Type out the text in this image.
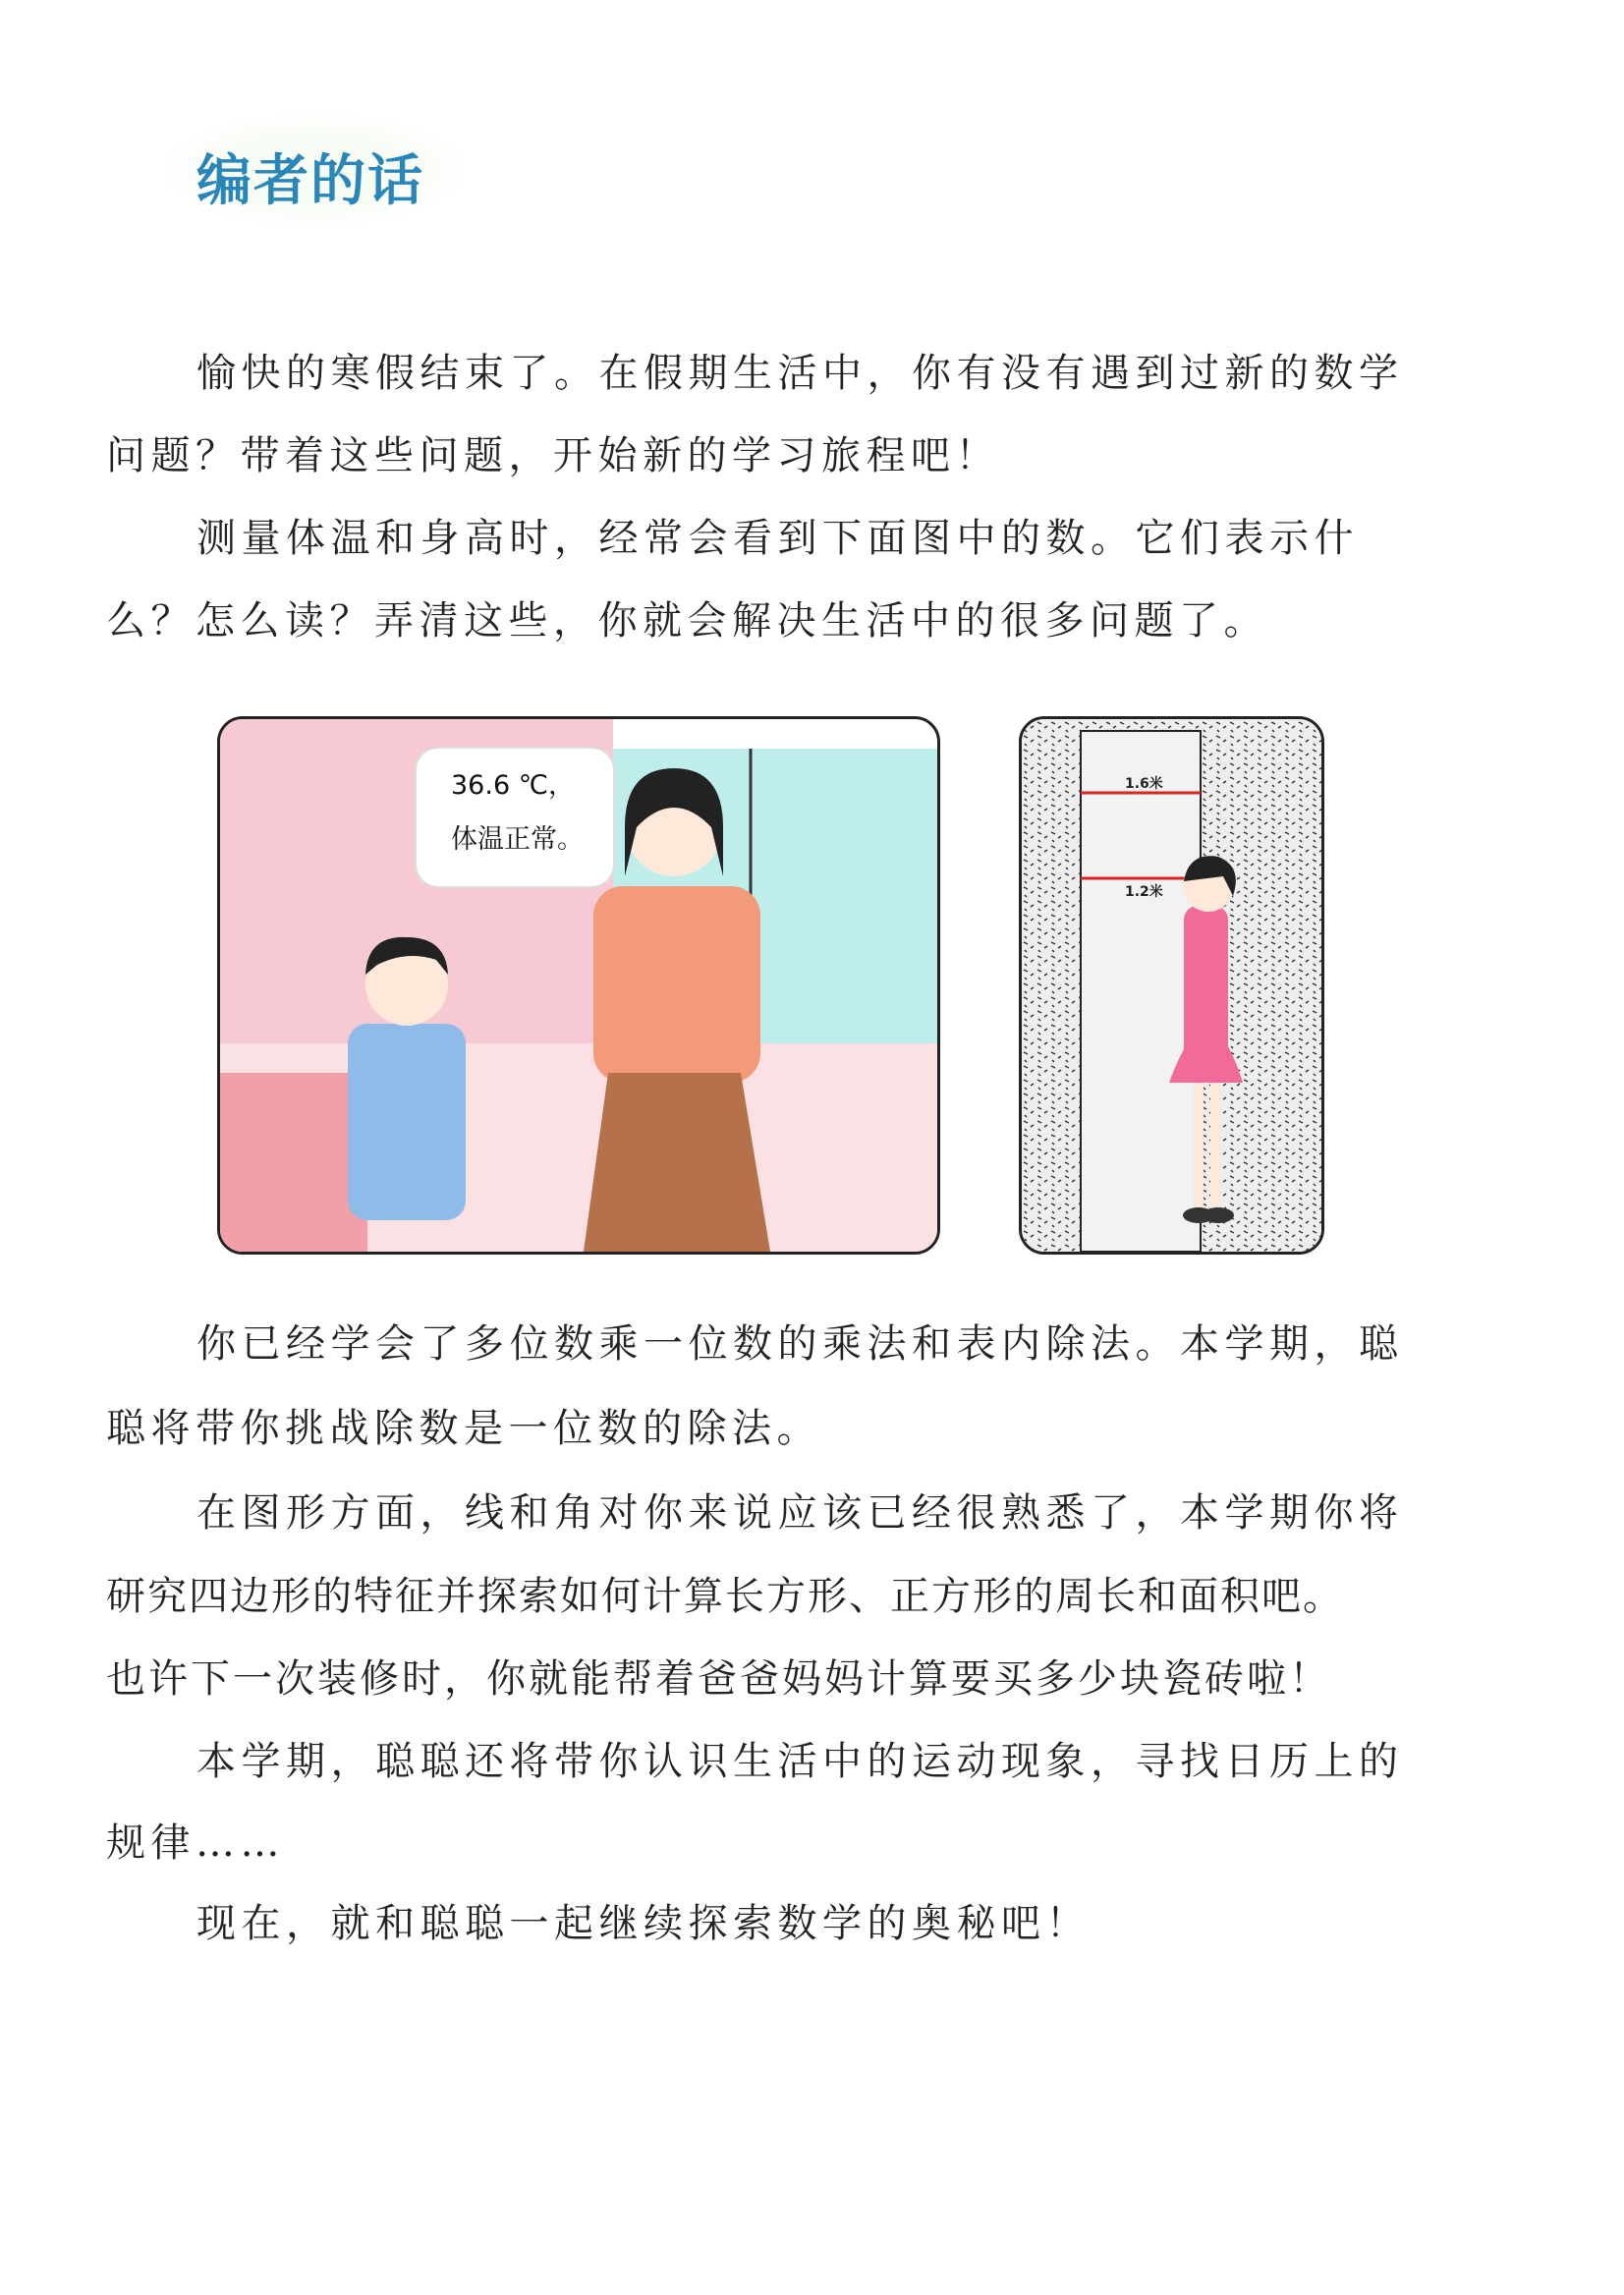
编者的话
愉快的寒假结束了。在假期生活中，你有没有遇到过新的数学
问题？带着这些问题，开始新的学习旅程吧！
测量体温和身高时，经常会看到下面图中的数。它们表示什
么？怎么读？弄清这些，你就会解决生活中的很多问题了。
36.6 ℃，
体温正常。
1.6米
1.2米
你已经学会了多位数乘一位数的乘法和表内除法。本学期，聪
聪将带你挑战除数是一位数的除法。
在图形方面，线和角对你来说应该已经很熟悉了，本学期你将
研究四边形的特征并探索如何计算长方形、正方形的周长和面积吧。
也许下一次装修时，你就能帮着爸爸妈妈计算要买多少块瓷砖啦！
本学期，聪聪还将带你认识生活中的运动现象，寻找日历上的
规律……
现在，就和聪聪一起继续探索数学的奥秘吧！
